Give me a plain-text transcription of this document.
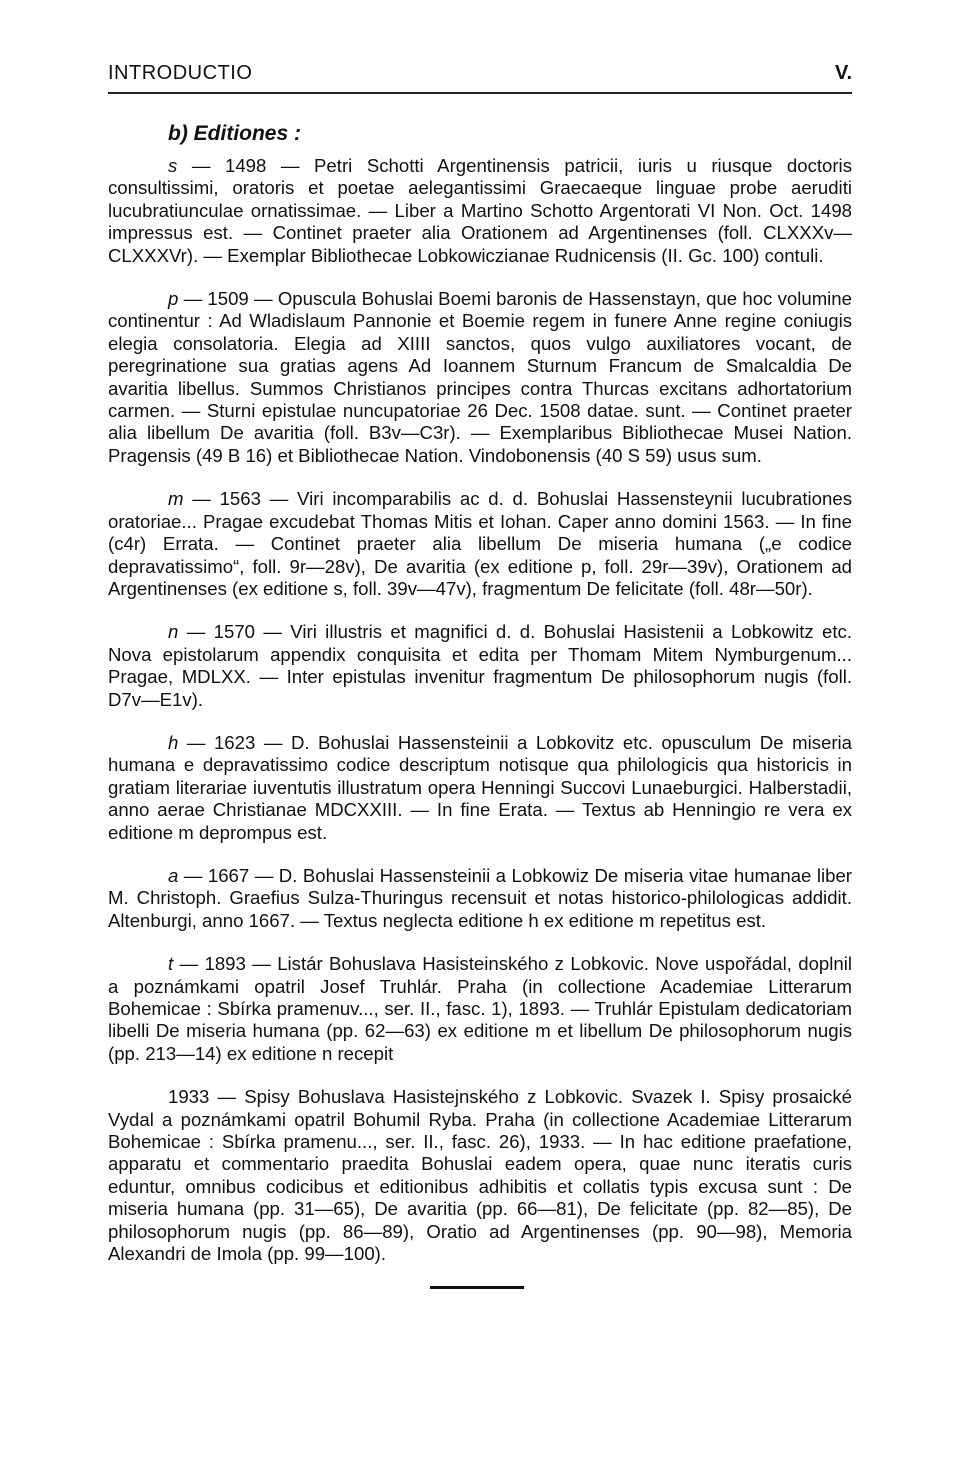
INTRODUCTIO	V.
b) Editiones :

s — 1498 — Petri Schotti Argentinensis patricii, iuris u riusque doctoris consultissimi, oratoris et poetae aelegantissimi Graecaeque linguae probe aeruditi lucubratiunculae ornatissimae. — Liber a Martino Schotto Argentorati VI Non. Oct. 1498 impressus est. — Continet praeter alia Orationem ad Argentinenses (foll. CLXXXv—CLXXXVr). — Exemplar Bibliothecae Lobkowiczianae Rudnicensis (II. Gc. 100) contuli.

p — 1509 — Opuscula Bohuslai Boemi baronis de Hassenstayn, que hoc volumine continentur : Ad Wladislaum Pannonie et Boemie regem in funere Anne regine coniugis elegia consolatoria. Elegia ad XIIII sanctos, quos vulgo auxiliatores vocant, de peregrinatione sua gratias agens Ad Ioannem Sturnum Francum de Smalcaldia De avaritia libellus. Summos Christianos principes contra Thurcas excitans adhortatorium carmen. — Sturni epistulae nuncupatoriae 26 Dec. 1508 datae. sunt. — Continet praeter alia libellum De avaritia (foll. B3v—C3r). — Exemplaribus Bibliothecae Musei Nation. Pragensis (49 B 16) et Bibliothecae Nation. Vindobonensis (40 S 59) usus sum.

m — 1563 — Viri incomparabilis ac d. d. Bohuslai Hassensteynii lucubrationes oratoriae... Pragae excudebat Thomas Mitis et Iohan. Caper anno domini 1563. — In fine (c4r) Errata. — Continet praeter alia libellum De miseria humana („e codice depravatissimo“, foll. 9r—28v), De avaritia (ex editione p, foll. 29r—39v), Orationem ad Argentinenses (ex editione s, foll. 39v—47v), fragmentum De felicitate (foll. 48r—50r).

n — 1570 — Viri illustris et magnifici d. d. Bohuslai Hasistenii a Lobkowitz etc. Nova epistolarum appendix conquisita et edita per Thomam Mitem Nymburgenum... Pragae, MDLXX. — Inter epistulas invenitur fragmentum De philosophorum nugis (foll. D7v—E1v).

h — 1623 — D. Bohuslai Hassensteinii a Lobkovitz etc. opusculum De miseria humana e depravatissimo codice descriptum notisque qua philologicis qua historicis in gratiam literariae iuventutis illustratum opera Henningi Succovi Lunaeburgici. Halberstadii, anno aerae Christianae MDCXXIII. — In fine Erata. — Textus ab Henningio re vera ex editione m deprompus est.

a — 1667 — D. Bohuslai Hassensteinii a Lobkowiz De miseria vitae humanae liber M. Christoph. Graefius Sulza-Thuringus recensuit et notas historico-philologicas addidit. Altenburgi, anno 1667. — Textus neglecta editione h ex editione m repetitus est.

t — 1893 — Listár Bohuslava Hasisteinského z Lobkovic. Nove uspořádal, doplnil a poznámkami opatril Josef Truhlár. Praha (in collectione Academiae Litterarum Bohemicae : Sbírka pramenuv..., ser. II., fasc. 1), 1893. — Truhlár Epistulam dedicatoriam libelli De miseria humana (pp. 62—63) ex editione m et libellum De philosophorum nugis (pp. 213—14) ex editione n recepit

1933 — Spisy Bohuslava Hasistejnského z Lobkovic. Svazek I. Spisy prosaické Vydal a poznámkami opatril Bohumil Ryba. Praha (in collectione Academiae Litterarum Bohemicae : Sbírka pramenu..., ser. II., fasc. 26), 1933. — In hac editione praefatione, apparatu et commentario praedita Bohuslai eadem opera, quae nunc iteratis curis eduntur, omnibus codicibus et editionibus adhibitis et collatis typis excusa sunt : De miseria humana (pp. 31—65), De avaritia (pp. 66—81), De felicitate (pp. 82—85), De philosophorum nugis (pp. 86—89), Oratio ad Argentinenses (pp. 90—98), Memoria Alexandri de Imola (pp. 99—100).
